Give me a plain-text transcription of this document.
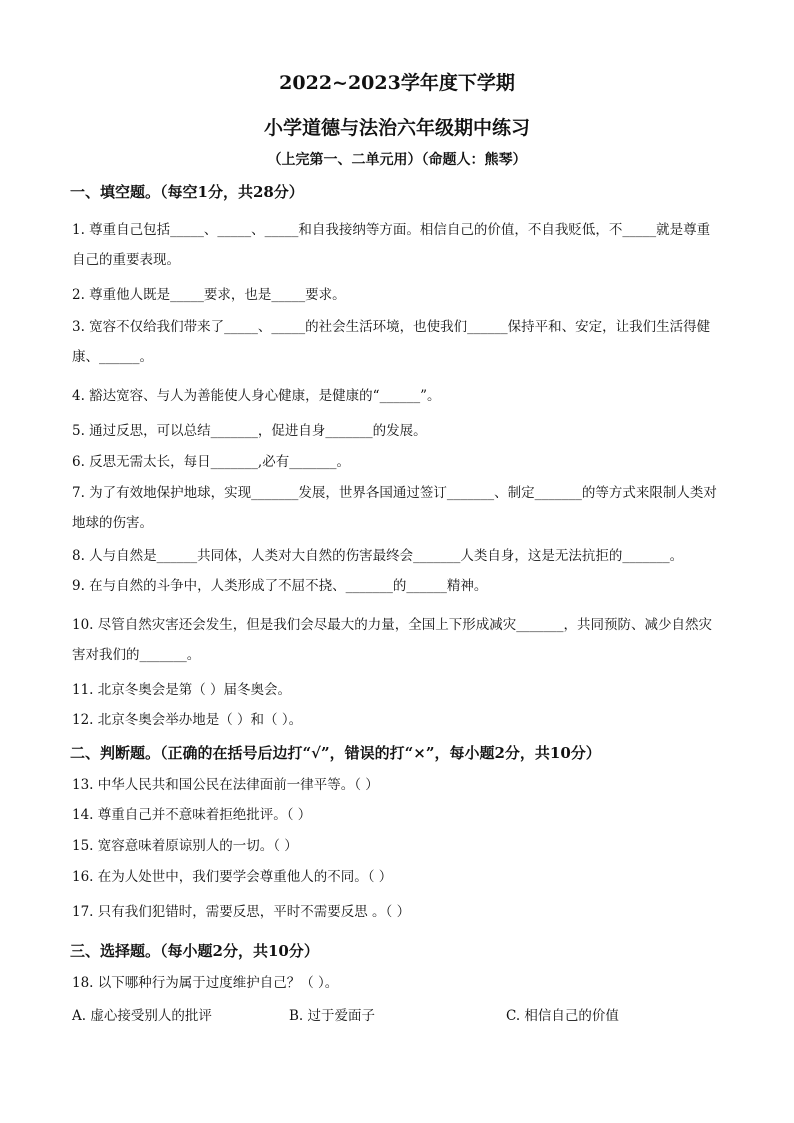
2022~2023学年度下学期
小学道德与法治六年级期中练习
（上完第一、二单元用）（命题人：熊琴）
一、填空题。（每空1分，共28分）
1. 尊重自己包括_____、_____、_____和自我接纳等方面。相信自己的价值，不自我贬低，不_____就是尊重自己的重要表现。
2. 尊重他人既是_____要求，也是_____要求。
3. 宽容不仅给我们带来了_____、_____的社会生活环境，也使我们______保持平和、安定，让我们生活得健康、______。
4. 豁达宽容、与人为善能使人身心健康，是健康的“______”。
5. 通过反思，可以总结_______，促进自身_______的发展。
6. 反思无需太长，每日_______,必有_______。
7. 为了有效地保护地球，实现_______发展，世界各国通过签订_______、制定_______的等方式来限制人类对地球的伤害。
8. 人与自然是______共同体，人类对大自然的伤害最终会_______人类自身，这是无法抗拒的_______。
9. 在与自然的斗争中，人类形成了不屈不挠、_______的______精神。
10. 尽管自然灾害还会发生，但是我们会尽最大的力量，全国上下形成减灾_______，共同预防、减少自然灾害对我们的_______。
11. 北京冬奥会是第（ ）届冬奥会。
12. 北京冬奥会举办地是（ ）和（ ）。
二、判断题。（正确的在括号后边打“√”，错误的打“×”，每小题2分，共10分）
13. 中华人民共和国公民在法律面前一律平等。（ ）
14. 尊重自己并不意味着拒绝批评。（ ）
15. 宽容意味着原谅别人的一切。（ ）
16. 在为人处世中，我们要学会尊重他人的不同。（ ）
17. 只有我们犯错时，需要反思，平时不需要反思 。（ ）
三、选择题。（每小题2分，共10分）
18. 以下哪种行为属于过度维护自己？（ ）。
A. 虚心接受别人的批评	B. 过于爱面子	C. 相信自己的价值
